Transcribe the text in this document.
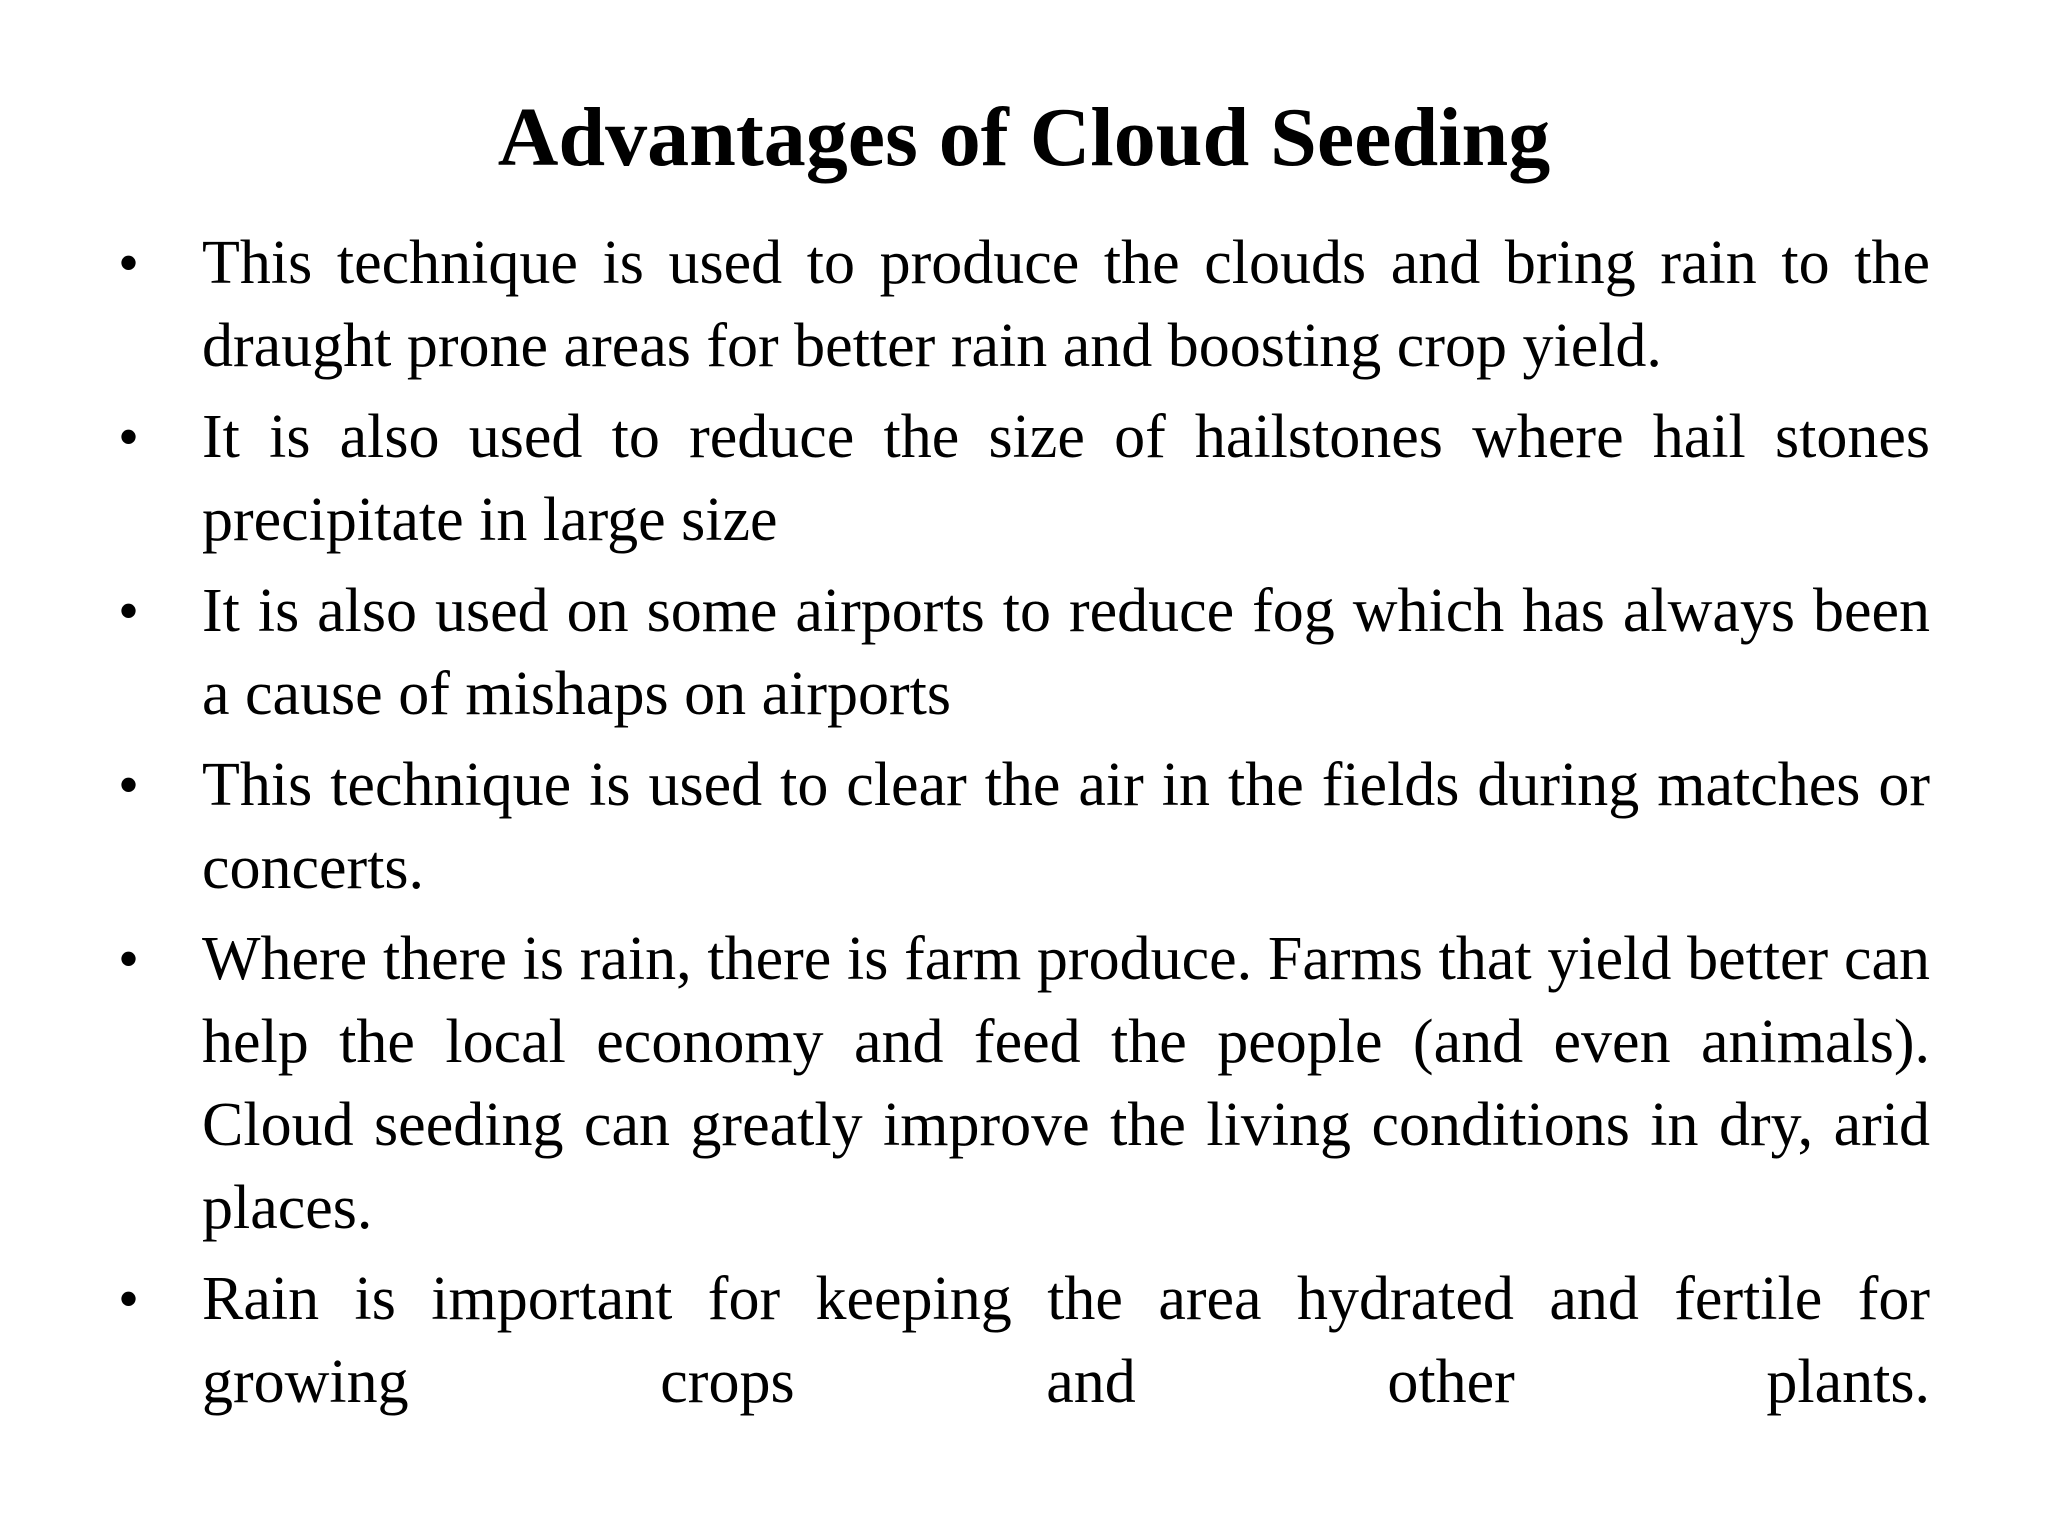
Advantages of Cloud Seeding
•	This technique is used to produce the clouds and bring rain to the draught prone areas for better rain and boosting crop yield.
•	It is also used to reduce the size of hailstones where hail stones precipitate in large size
•	It is also used on some airports to reduce fog which has always been a cause of mishaps on airports
•	This technique is used to clear the air in the fields during matches or concerts.
•	Where there is rain, there is farm produce. Farms that yield better can help the local economy and feed the people (and even animals). Cloud seeding can greatly improve the living conditions in dry, arid places.
•	Rain is important for keeping the area hydrated and fertile for growing crops and other plants.
